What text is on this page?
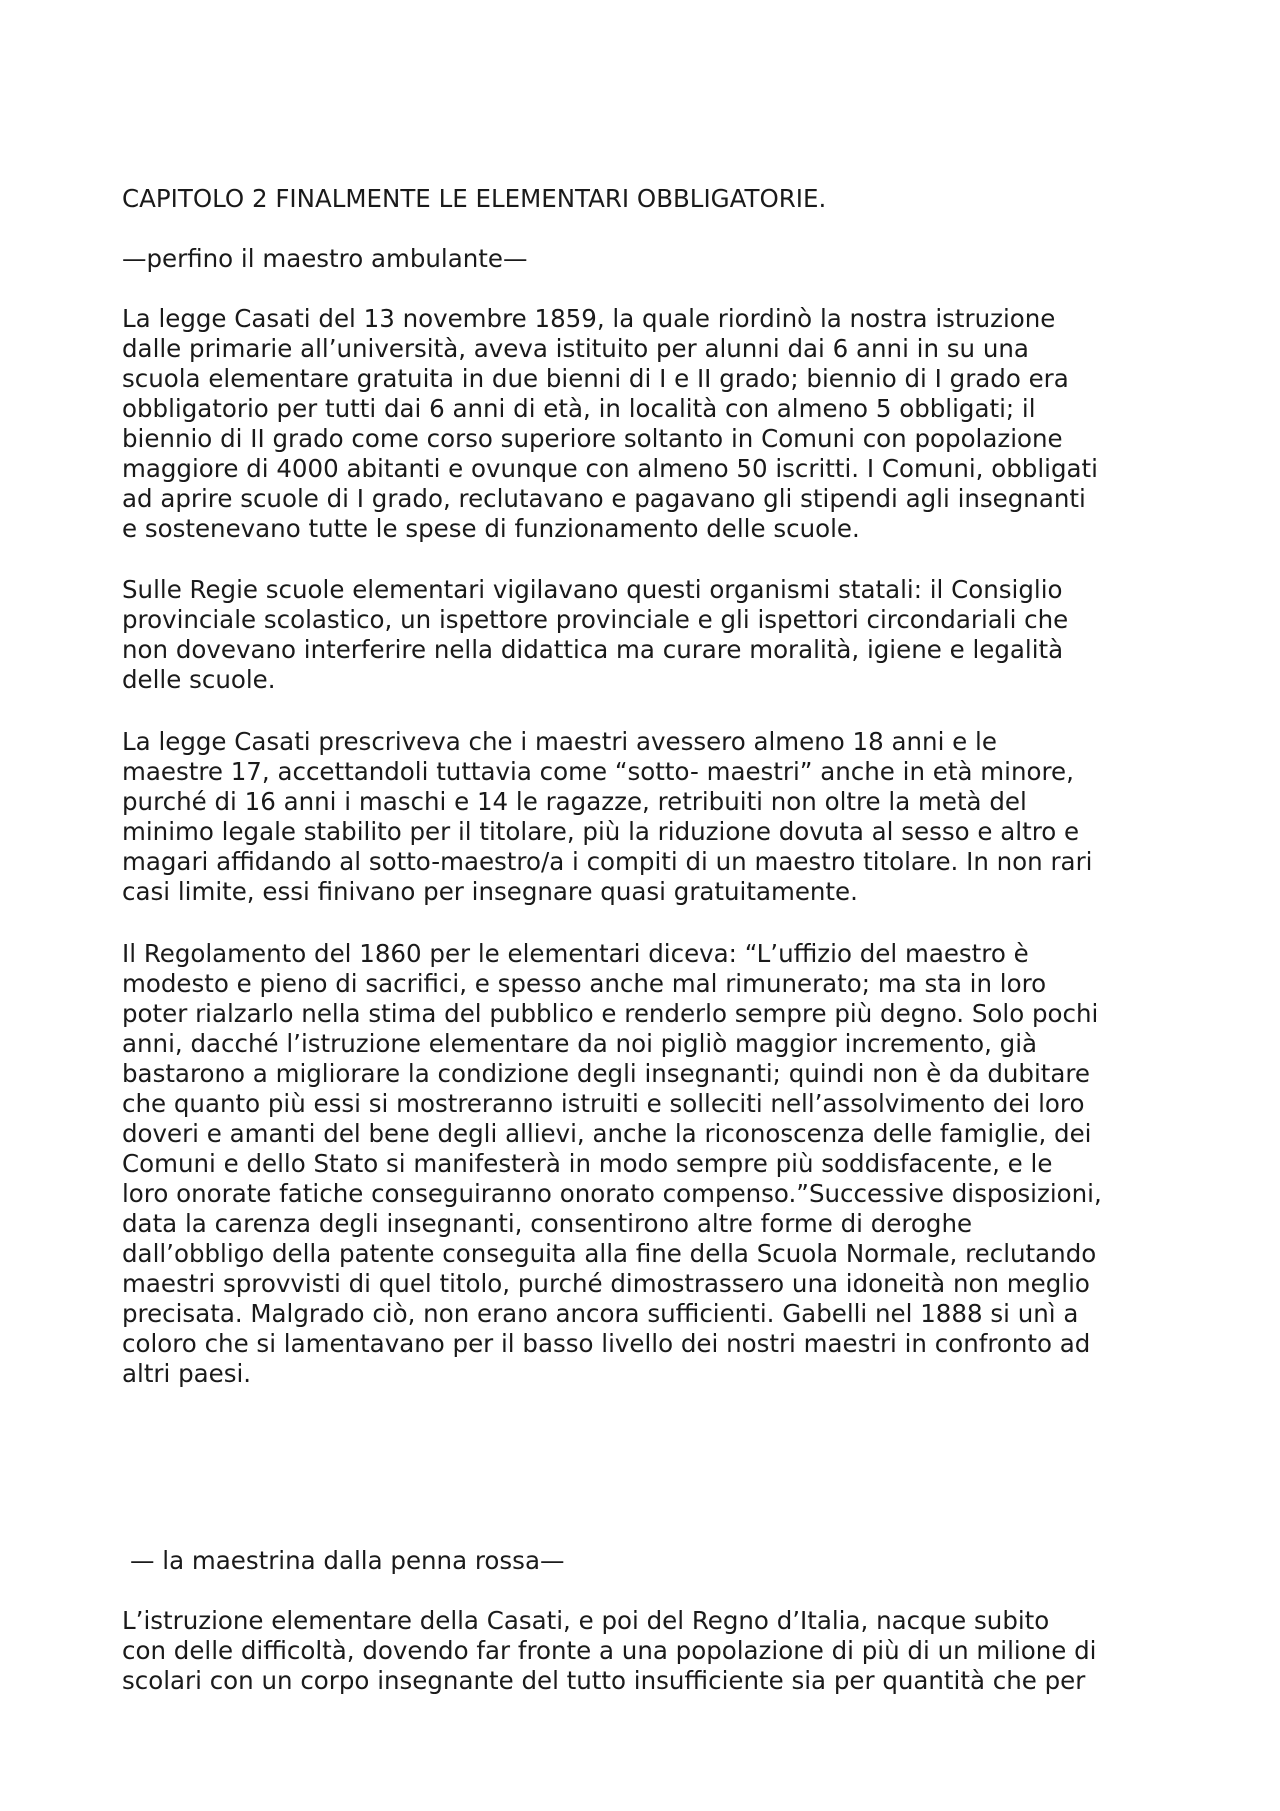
CAPITOLO 2 FINALMENTE LE ELEMENTARI OBBLIGATORIE.

—perfino il maestro ambulante—

La legge Casati del 13 novembre 1859, la quale riordinò la nostra istruzione
dalle primarie all’università, aveva istituito per alunni dai 6 anni in su una
scuola elementare gratuita in due bienni di I e II grado; biennio di I grado era
obbligatorio per tutti dai 6 anni di età, in località con almeno 5 obbligati; il
biennio di II grado come corso superiore soltanto in Comuni con popolazione
maggiore di 4000 abitanti e ovunque con almeno 50 iscritti. I Comuni, obbligati
ad aprire scuole di I grado, reclutavano e pagavano gli stipendi agli insegnanti
e sostenevano tutte le spese di funzionamento delle scuole.

Sulle Regie scuole elementari vigilavano questi organismi statali: il Consiglio
provinciale scolastico, un ispettore provinciale e gli ispettori circondariali che
non dovevano interferire nella didattica ma curare moralità, igiene e legalità
delle scuole.

La legge Casati prescriveva che i maestri avessero almeno 18 anni e le
maestre 17, accettandoli tuttavia come “sotto- maestri” anche in età minore,
purché di 16 anni i maschi e 14 le ragazze, retribuiti non oltre la metà del
minimo legale stabilito per il titolare, più la riduzione dovuta al sesso e altro e
magari affidando al sotto-maestro/a i compiti di un maestro titolare. In non rari
casi limite, essi finivano per insegnare quasi gratuitamente.

Il Regolamento del 1860 per le elementari diceva: “L’uffizio del maestro è
modesto e pieno di sacrifici, e spesso anche mal rimunerato; ma sta in loro
poter rialzarlo nella stima del pubblico e renderlo sempre più degno. Solo pochi
anni, dacché l’istruzione elementare da noi pigliò maggior incremento, già
bastarono a migliorare la condizione degli insegnanti; quindi non è da dubitare
che quanto più essi si mostreranno istruiti e solleciti nell’assolvimento dei loro
doveri e amanti del bene degli allievi, anche la riconoscenza delle famiglie, dei
Comuni e dello Stato si manifesterà in modo sempre più soddisfacente, e le
loro onorate fatiche conseguiranno onorato compenso.”Successive disposizioni,
data la carenza degli insegnanti, consentirono altre forme di deroghe
dall’obbligo della patente conseguita alla fine della Scuola Normale, reclutando
maestri sprovvisti di quel titolo, purché dimostrassero una idoneità non meglio
precisata. Malgrado ciò, non erano ancora sufficienti. Gabelli nel 1888 si unì a
coloro che si lamentavano per il basso livello dei nostri maestri in confronto ad
altri paesi.

— la maestrina dalla penna rossa—

L’istruzione elementare della Casati, e poi del Regno d’Italia, nacque subito
con delle difficoltà, dovendo far fronte a una popolazione di più di un milione di
scolari con un corpo insegnante del tutto insufficiente sia per quantità che per
